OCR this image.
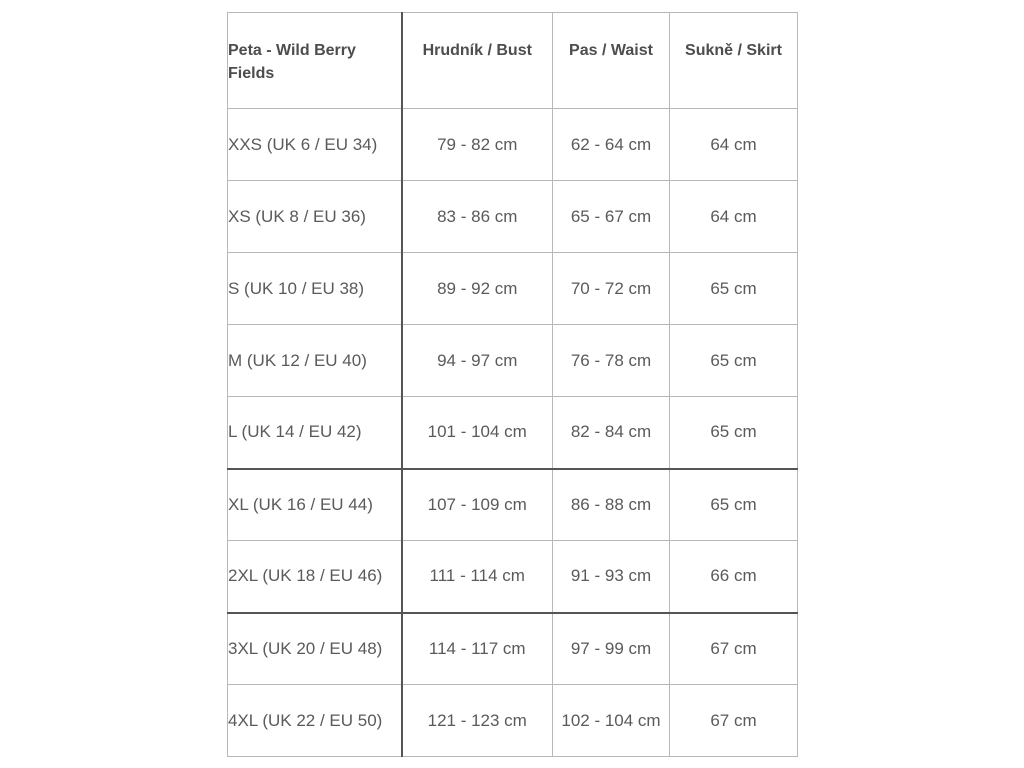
Peta - Wild Berry Fields	Hrudník / Bust	Pas / Waist	Sukně / Skirt
XXS (UK 6 / EU 34)	79 - 82 cm	62 - 64 cm	64 cm
XS (UK 8 / EU 36)	83 - 86 cm	65 - 67 cm	64 cm
S (UK 10 / EU 38)	89 - 92 cm	70 - 72 cm	65 cm
M (UK 12 / EU 40)	94 - 97 cm	76 - 78 cm	65 cm
L (UK 14 / EU 42)	101 - 104 cm	82 - 84 cm	65 cm
XL (UK 16 / EU 44)	107 - 109 cm	86 - 88 cm	65 cm
2XL (UK 18 / EU 46)	111 - 114 cm	91 - 93 cm	66 cm
3XL (UK 20 / EU 48)	114 - 117 cm	97 - 99 cm	67 cm
4XL (UK 22 / EU 50)	121 - 123 cm	102 - 104 cm	67 cm
